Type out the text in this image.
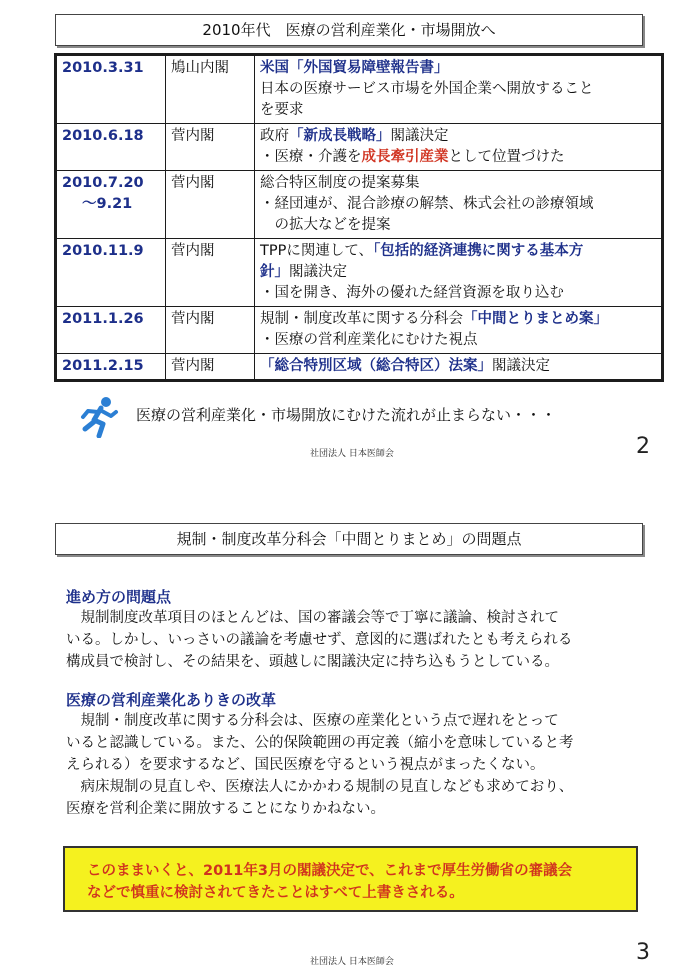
2010年代　医療の営利産業化・市場開放へ
2010.3.31	鳩山内閣	米国「外国貿易障壁報告書」
日本の医療サービス市場を外国企業へ開放すること
を要求

2010.6.18	菅内閣	政府「新成長戦略」閣議決定
・医療・介護を成長牽引産業として位置づけた

2010.7.20
～9.21	菅内閣	総合特区制度の提案募集
・経団連が、混合診療の解禁、株式会社の診療領域
　の拡大などを提案

2010.11.9	菅内閣	TPPに関連して、「包括的経済連携に関する基本方
針」閣議決定
・国を開き、海外の優れた経営資源を取り込む

2011.1.26	菅内閣	規制・制度改革に関する分科会「中間とりまとめ案」
・医療の営利産業化にむけた視点

2011.2.15	菅内閣	「総合特別区域（総合特区）法案」閣議決定
医療の営利産業化・市場開放にむけた流れが止まらない・・・
社団法人 日本医師会	2
規制・制度改革分科会「中間とりまとめ」の問題点
進め方の問題点
　規制制度改革項目のほとんどは、国の審議会等で丁寧に議論、検討されて
いる。しかし、いっさいの議論を考慮せず、意図的に選ばれたとも考えられる
構成員で検討し、その結果を、頭越しに閣議決定に持ち込もうとしている。
医療の営利産業化ありきの改革
　規制・制度改革に関する分科会は、医療の産業化という点で遅れをとって
いると認識している。また、公的保険範囲の再定義（縮小を意味していると考
えられる）を要求するなど、国民医療を守るという視点がまったくない。
　病床規制の見直しや、医療法人にかかわる規制の見直しなども求めており、
医療を営利企業に開放することになりかねない。
このままいくと、2011年3月の閣議決定で、これまで厚生労働省の審議会
などで慎重に検討されてきたことはすべて上書きされる。
社団法人 日本医師会	3
